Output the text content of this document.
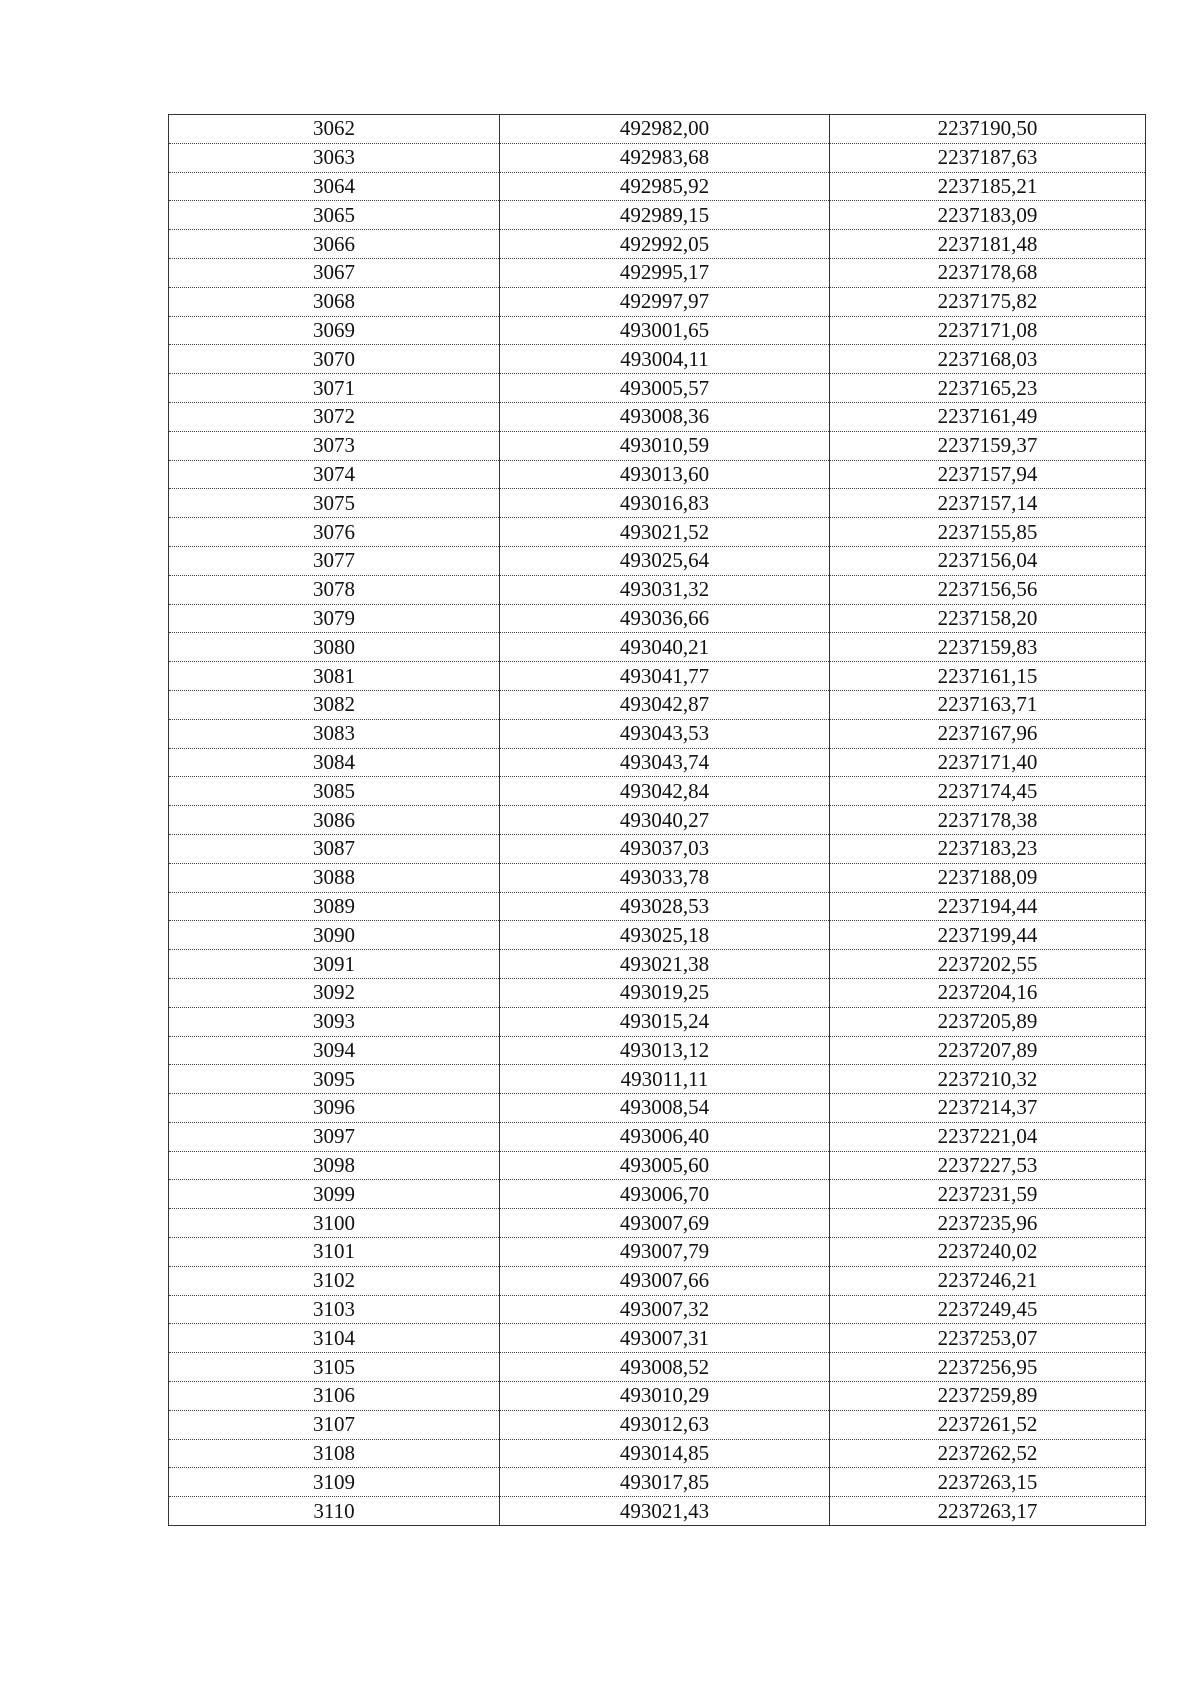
3062	492982,00	2237190,50
3063	492983,68	2237187,63
3064	492985,92	2237185,21
3065	492989,15	2237183,09
3066	492992,05	2237181,48
3067	492995,17	2237178,68
3068	492997,97	2237175,82
3069	493001,65	2237171,08
3070	493004,11	2237168,03
3071	493005,57	2237165,23
3072	493008,36	2237161,49
3073	493010,59	2237159,37
3074	493013,60	2237157,94
3075	493016,83	2237157,14
3076	493021,52	2237155,85
3077	493025,64	2237156,04
3078	493031,32	2237156,56
3079	493036,66	2237158,20
3080	493040,21	2237159,83
3081	493041,77	2237161,15
3082	493042,87	2237163,71
3083	493043,53	2237167,96
3084	493043,74	2237171,40
3085	493042,84	2237174,45
3086	493040,27	2237178,38
3087	493037,03	2237183,23
3088	493033,78	2237188,09
3089	493028,53	2237194,44
3090	493025,18	2237199,44
3091	493021,38	2237202,55
3092	493019,25	2237204,16
3093	493015,24	2237205,89
3094	493013,12	2237207,89
3095	493011,11	2237210,32
3096	493008,54	2237214,37
3097	493006,40	2237221,04
3098	493005,60	2237227,53
3099	493006,70	2237231,59
3100	493007,69	2237235,96
3101	493007,79	2237240,02
3102	493007,66	2237246,21
3103	493007,32	2237249,45
3104	493007,31	2237253,07
3105	493008,52	2237256,95
3106	493010,29	2237259,89
3107	493012,63	2237261,52
3108	493014,85	2237262,52
3109	493017,85	2237263,15
3110	493021,43	2237263,17
